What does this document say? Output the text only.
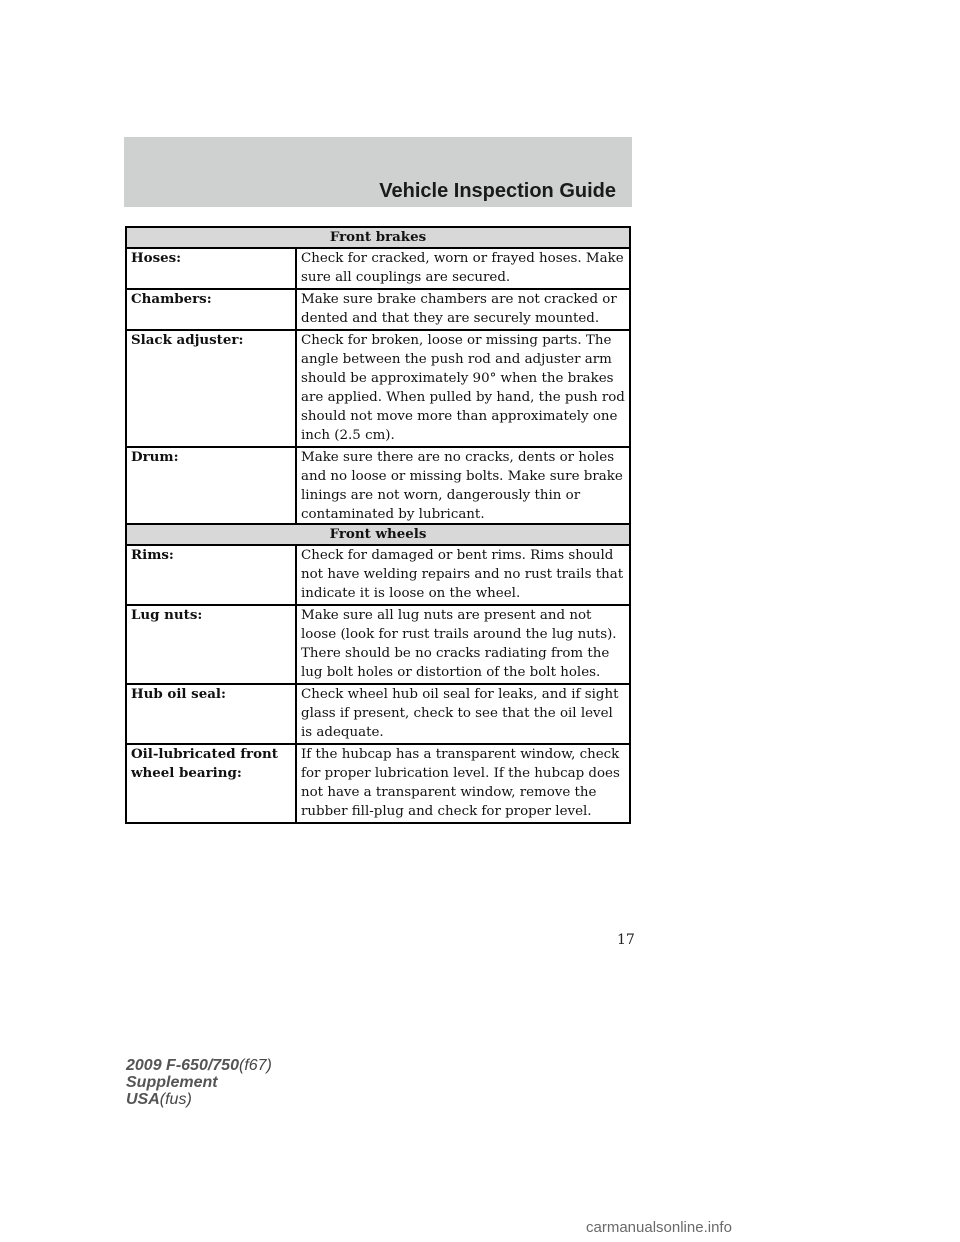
Vehicle Inspection Guide
Front brakes	
Hoses:	Check for cracked, worn or frayed hoses. Make sure all couplings are secured.
Chambers:	Make sure brake chambers are not cracked or dented and that they are securely mounted.
Slack adjuster:	Check for broken, loose or missing parts. The angle between the push rod and adjuster arm should be approximately 90° when the brakes are applied. When pulled by hand, the push rod should not move more than approximately one inch (2.5 cm).
Drum:	Make sure there are no cracks, dents or holes and no loose or missing bolts. Make sure brake linings are not worn, dangerously thin or contaminated by lubricant.
Front wheels	
Rims:	Check for damaged or bent rims. Rims should not have welding repairs and no rust trails that indicate it is loose on the wheel.
Lug nuts:	Make sure all lug nuts are present and not loose (look for rust trails around the lug nuts). There should be no cracks radiating from the lug bolt holes or distortion of the bolt holes.
Hub oil seal:	Check wheel hub oil seal for leaks, and if sight glass if present, check to see that the oil level is adequate.
Oil-lubricated front wheel bearing:	If the hubcap has a transparent window, check for proper lubrication level. If the hubcap does not have a transparent window, remove the rubber fill-plug and check for proper level.
17
2009 F-650/750(f67)
Supplement
USA(fus)
carmanualsonline.info
